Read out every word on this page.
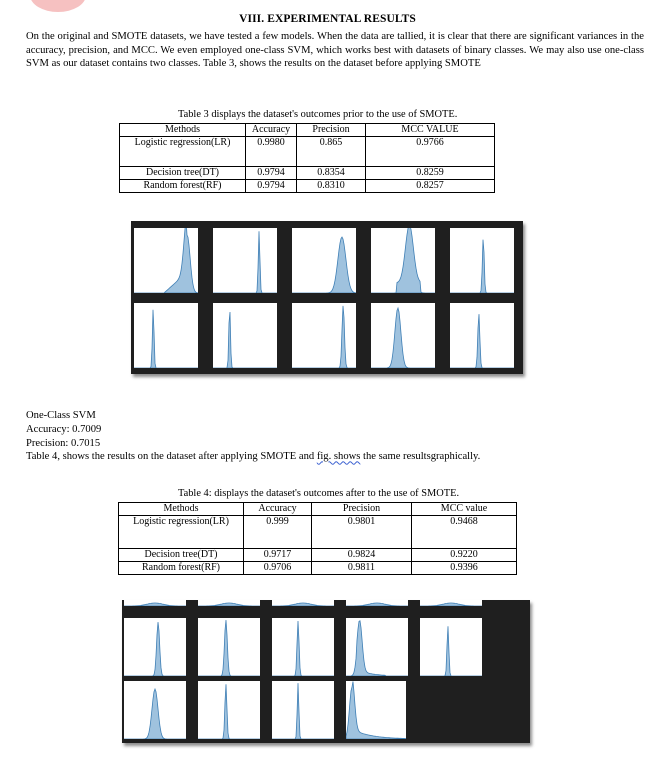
VIII. EXPERIMENTAL RESULTS
On the original and SMOTE datasets, we have tested a few models. When the data are tallied, it is clear that there are significant variances in the accuracy, precision, and MCC. We even employed one-class SVM, which works best with datasets of binary classes. We may also use one-class SVM as our dataset contains two classes. Table 3, shows the results on the dataset before applying SMOTE
Table 3 displays the dataset's outcomes prior to the use of SMOTE.
Methods	Accuracy	Precision	MCC VALUE
Logistic regression(LR)	0.9980	0.865	0.9766
Decision tree(DT)	0.9794	0.8354	0.8259
Random forest(RF)	0.9794	0.8310	0.8257
One-Class SVM
Accuracy: 0.7009
Precision: 0.7015
Table 4, shows the results on the dataset after applying SMOTE and fig. shows the same resultsgraphically.
Table 4: displays the dataset's outcomes after to the use of SMOTE.
Methods	Accuracy	Precision	MCC value
Logistic regression(LR)	0.999	0.9801	0.9468
Decision tree(DT)	0.9717	0.9824	0.9220
Random forest(RF)	0.9706	0.9811	0.9396
